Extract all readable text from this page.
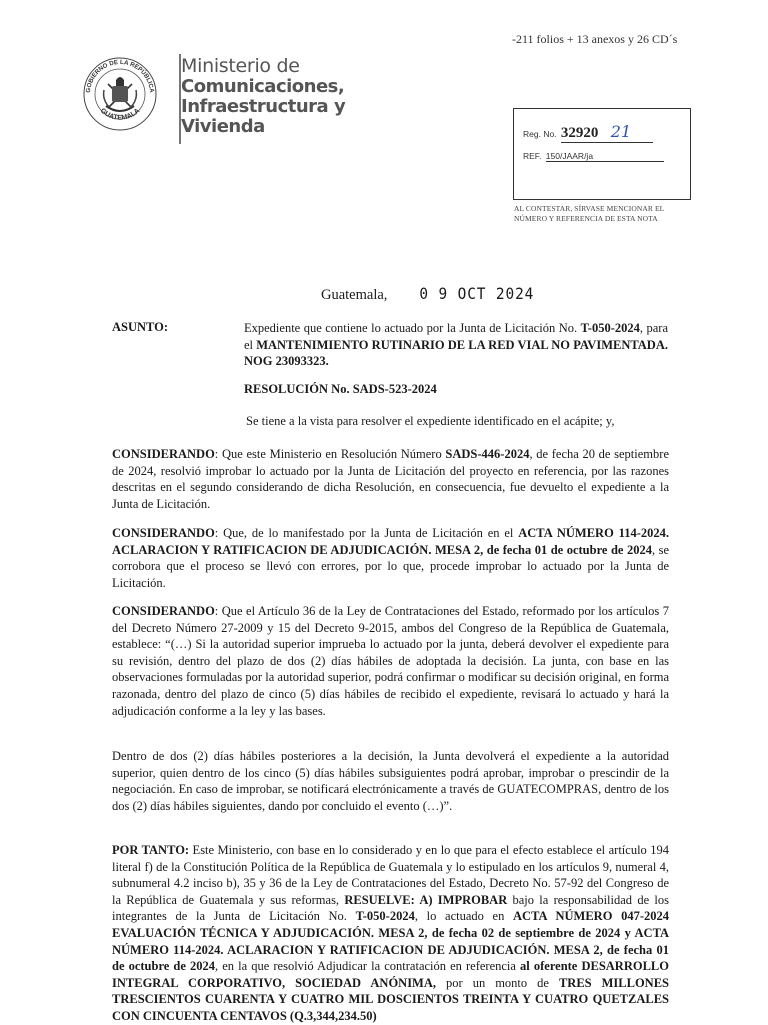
-211 folios + 13 anexos y 26 CD´s
GOBIERNO DE LA REPÚBLICA
GUATEMALA
Ministerio de
Comunicaciones,
Infraestructura y
Vivienda	Reg. No. 32920 21
REF. 150/JAAR/ja
AL CONTESTAR, SÍRVASE MENCIONAR EL NÚMERO Y REFERENCIA DE ESTA NOTA
Guatemala, 0 9 OCT 2024
ASUNTO:	Expediente que contiene lo actuado por la Junta de Licitación No. T-050-2024, para el MANTENIMIENTO RUTINARIO DE LA RED VIAL NO PAVIMENTADA. NOG 23093323.
RESOLUCIÓN No. SADS-523-2024
Se tiene a la vista para resolver el expediente identificado en el acápite; y,
CONSIDERANDO: Que este Ministerio en Resolución Número SADS-446-2024, de fecha 20 de septiembre de 2024, resolvió improbar lo actuado por la Junta de Licitación del proyecto en referencia, por las razones descritas en el segundo considerando de dicha Resolución, en consecuencia, fue devuelto el expediente a la Junta de Licitación.
CONSIDERANDO: Que, de lo manifestado por la Junta de Licitación en el ACTA NÚMERO 114-2024. ACLARACION Y RATIFICACION DE ADJUDICACIÓN. MESA 2, de fecha 01 de octubre de 2024, se corrobora que el proceso se llevó con errores, por lo que, procede improbar lo actuado por la Junta de Licitación.
CONSIDERANDO: Que el Artículo 36 de la Ley de Contrataciones del Estado, reformado por los artículos 7 del Decreto Número 27-2009 y 15 del Decreto 9-2015, ambos del Congreso de la República de Guatemala, establece: “(…) Si la autoridad superior imprueba lo actuado por la junta, deberá devolver el expediente para su revisión, dentro del plazo de dos (2) días hábiles de adoptada la decisión. La junta, con base en las observaciones formuladas por la autoridad superior, podrá confirmar o modificar su decisión original, en forma razonada, dentro del plazo de cinco (5) días hábiles de recibido el expediente, revisará lo actuado y hará la adjudicación conforme a la ley y las bases.
Dentro de dos (2) días hábiles posteriores a la decisión, la Junta devolverá el expediente a la autoridad superior, quien dentro de los cinco (5) días hábiles subsiguientes podrá aprobar, improbar o prescindir de la negociación. En caso de improbar, se notificará electrónicamente a través de GUATECOMPRAS, dentro de los dos (2) días hábiles siguientes, dando por concluido el evento (…)”.
POR TANTO: Este Ministerio, con base en lo considerado y en lo que para el efecto establece el artículo 194 literal f) de la Constitución Política de la República de Guatemala y lo estipulado en los artículos 9, numeral 4, subnumeral 4.2 inciso b), 35 y 36 de la Ley de Contrataciones del Estado, Decreto No. 57-92 del Congreso de la República de Guatemala y sus reformas, RESUELVE: A) IMPROBAR bajo la responsabilidad de los integrantes de la Junta de Licitación No. T-050-2024, lo actuado en ACTA NÚMERO 047-2024 EVALUACIÓN TÉCNICA Y ADJUDICACIÓN. MESA 2, de fecha 02 de septiembre de 2024 y ACTA NÚMERO 114-2024. ACLARACION Y RATIFICACION DE ADJUDICACIÓN. MESA 2, de fecha 01 de octubre de 2024, en la que resolvió Adjudicar la contratación en referencia al oferente DESARROLLO INTEGRAL CORPORATIVO, SOCIEDAD ANÓNIMA, por un monto de TRES MILLONES TRESCIENTOS CUARENTA Y CUATRO MIL DOSCIENTOS TREINTA Y CUATRO QUETZALES CON CINCUENTA CENTAVOS (Q.3,344,234.50)
